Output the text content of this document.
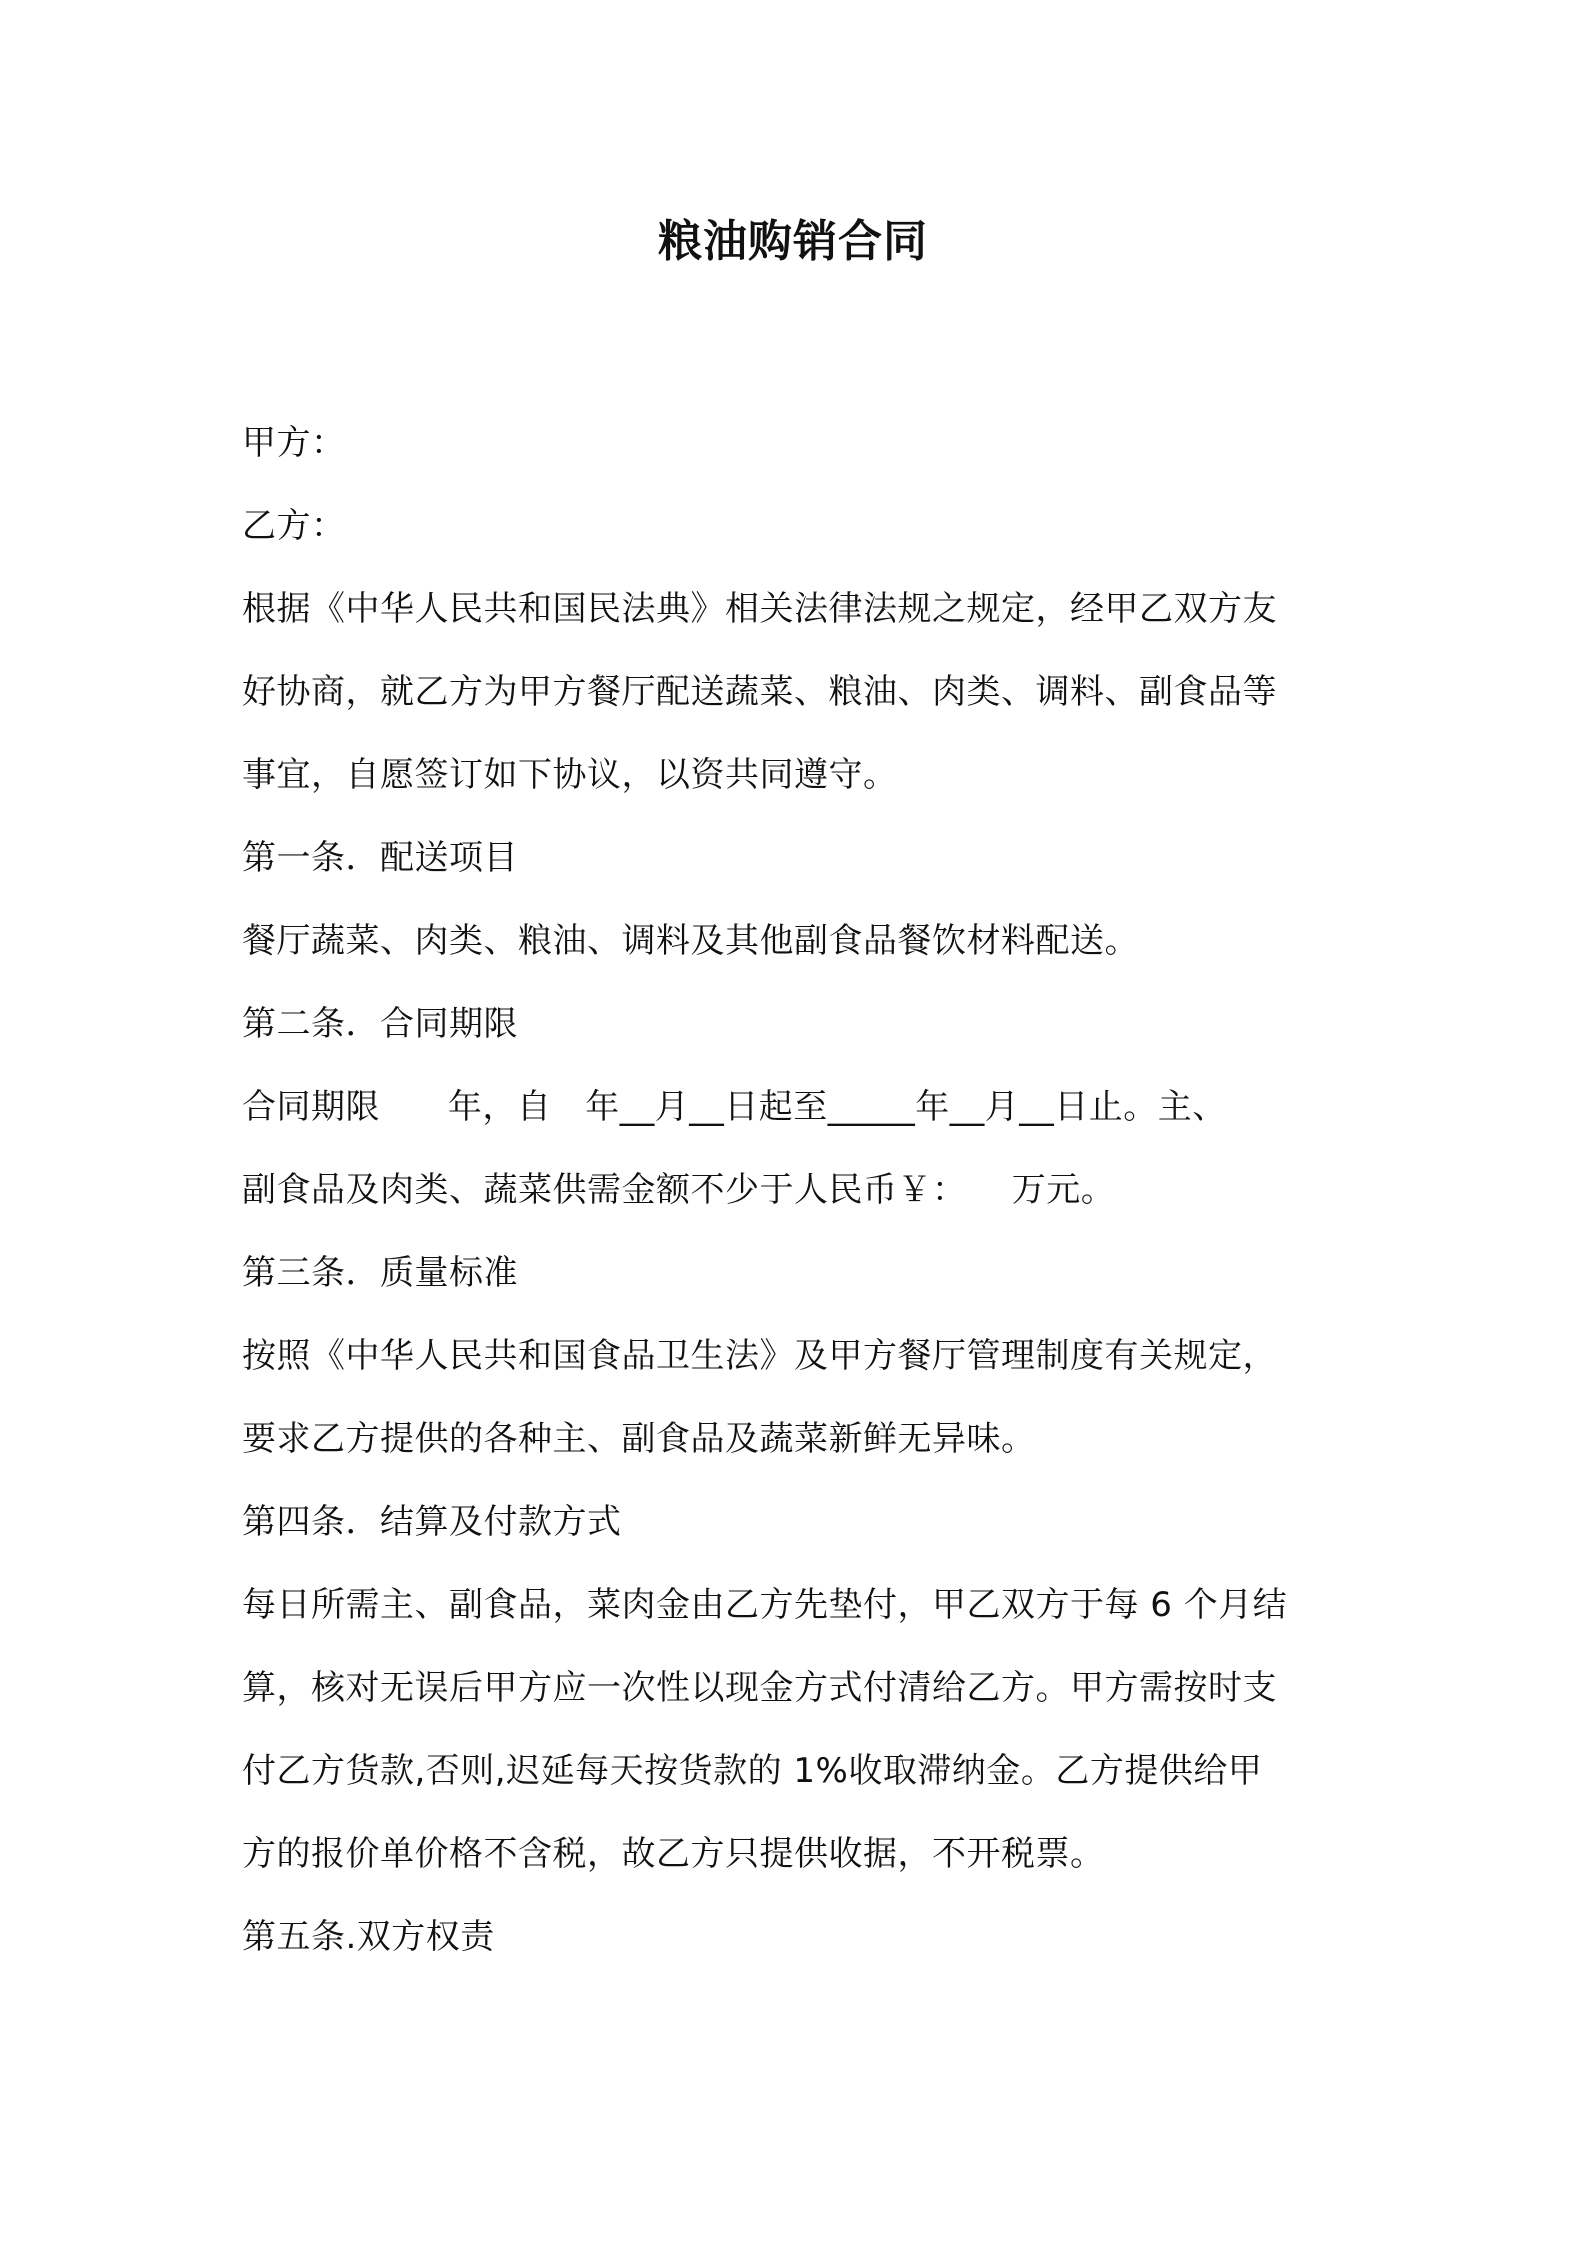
粮油购销合同
甲方：
乙方：
根据《中华人民共和国民法典》相关法律法规之规定，经甲乙双方友
好协商，就乙方为甲方餐厅配送蔬菜、粮油、肉类、调料、副食品等
事宜，自愿签订如下协议，以资共同遵守。
第一条．配送项目
餐厅蔬菜、肉类、粮油、调料及其他副食品餐饮材料配送。
第二条．合同期限
合同期限      年，自   年__月__日起至_____年__月__日止。主、
副食品及肉类、蔬菜供需金额不少于人民币￥：    万元。
第三条．质量标准
按照《中华人民共和国食品卫生法》及甲方餐厅管理制度有关规定，
要求乙方提供的各种主、副食品及蔬菜新鲜无异味。
第四条．结算及付款方式
每日所需主、副食品，菜肉金由乙方先垫付，甲乙双方于每 6 个月结
算，核对无误后甲方应一次性以现金方式付清给乙方。甲方需按时支
付乙方货款,否则,迟延每天按货款的 1%收取滞纳金。乙方提供给甲
方的报价单价格不含税，故乙方只提供收据，不开税票。
第五条.双方权责
